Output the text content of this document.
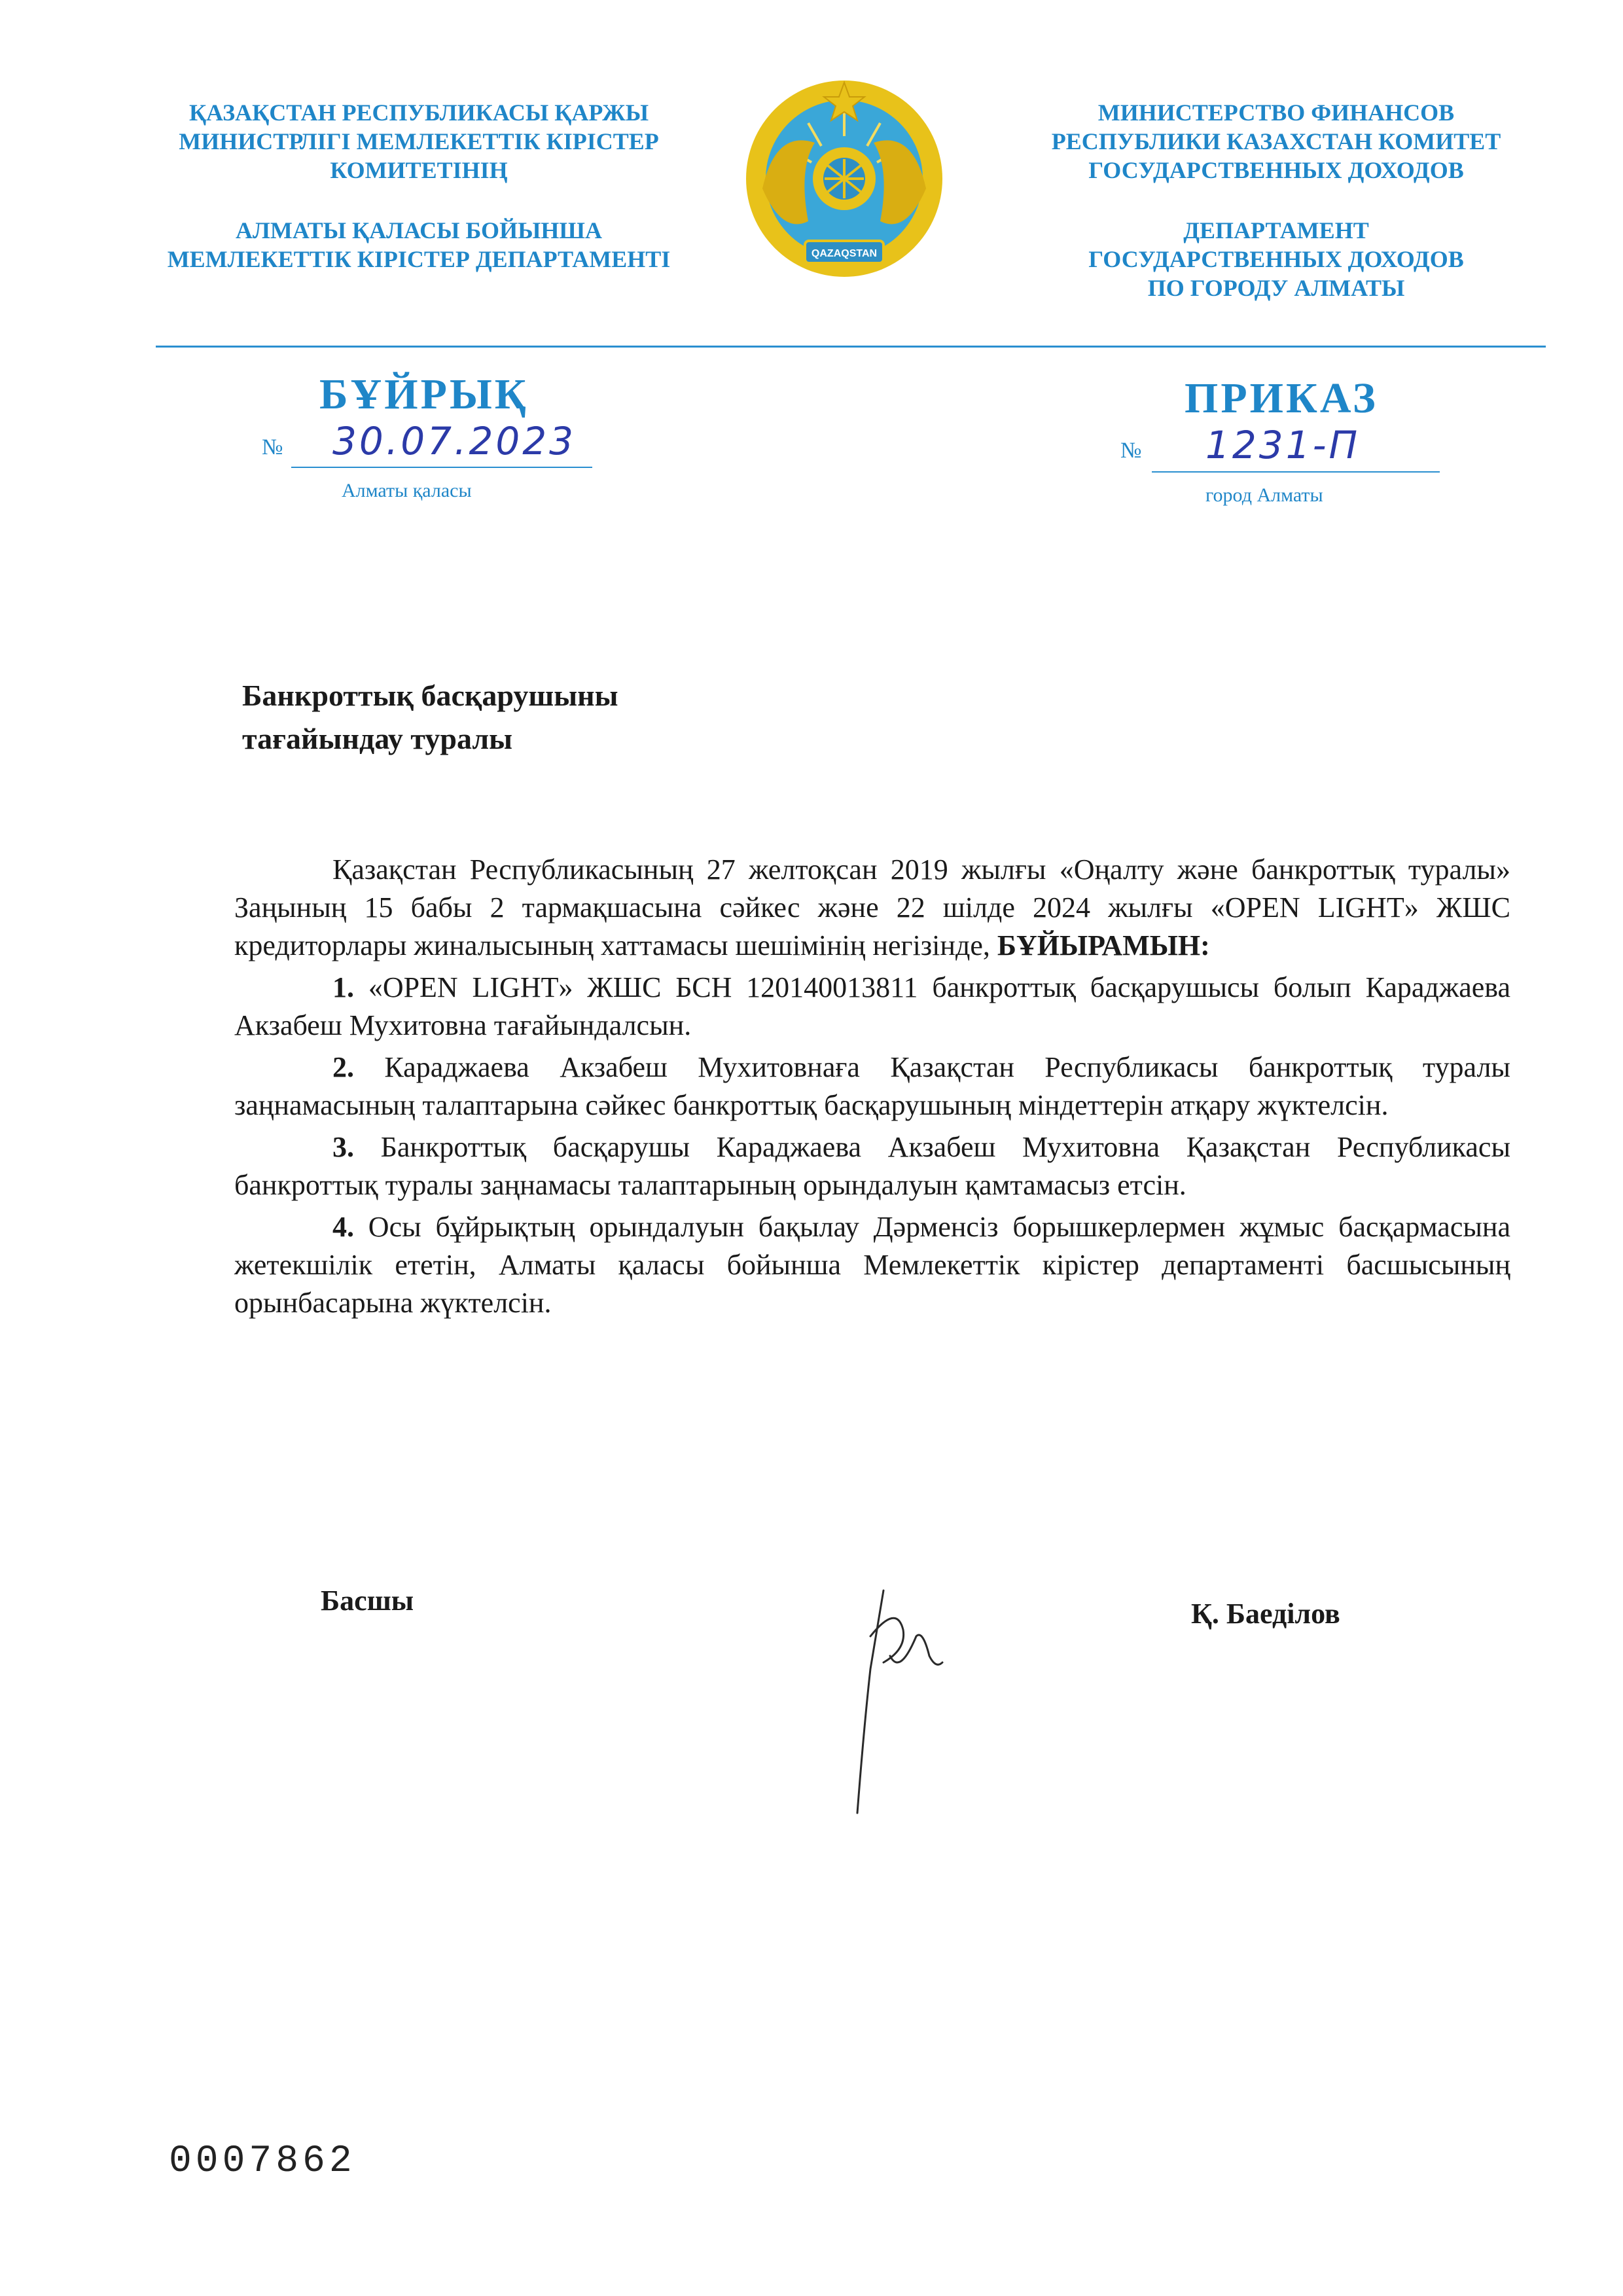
ҚАЗАҚСТАН РЕСПУБЛИКАСЫ ҚАРЖЫ
МИНИСТРЛІГІ МЕМЛЕКЕТТІК КІРІСТЕР
КОМИТЕТІНІҢ
АЛМАТЫ ҚАЛАСЫ БОЙЫНША
МЕМЛЕКЕТТІК КІРІСТЕР ДЕПАРТАМЕНТІ	QAZAQSTAN
МИНИСТЕРСТВО ФИНАНСОВ
РЕСПУБЛИКИ КАЗАХСТАН КОМИТЕТ
ГОСУДАРСТВЕННЫХ ДОХОДОВ
ДЕПАРТАМЕНТ
ГОСУДАРСТВЕННЫХ ДОХОДОВ
ПО ГОРОДУ АЛМАТЫ
БҰЙРЫҚ	ПРИКАЗ
№ 30.07.2023
Алматы қаласы
№ 1231-П
город Алматы
Банкроттық басқарушыны
тағайындау туралы

Қазақстан Республикасының 27 желтоқсан 2019 жылғы «Оңалту және банкроттық туралы» Заңының 15 бабы 2 тармақшасына сәйкес және 22 шілде 2024 жылғы «OPEN LIGHT» ЖШС кредиторлары жиналысының хаттамасы шешімінің негізінде, БҰЙЫРАМЫН:

1. «OPEN LIGHT» ЖШС БСН 120140013811 банкроттық басқарушысы болып Караджаева Акзабеш Мухитовна тағайындалсын.

2. Караджаева Акзабеш Мухитовнаға Қазақстан Республикасы банкроттық туралы заңнамасының талаптарына сәйкес банкроттық басқарушының міндеттерін атқару жүктелсін.

3. Банкроттық басқарушы Караджаева Акзабеш Мухитовна Қазақстан Республикасы банкроттық туралы заңнамасы талаптарының орындалуын қамтамасыз етсін.

4. Осы бұйрықтың орындалуын бақылау Дәрменсіз борышкерлермен жұмыс басқармасына жетекшілік ететін, Алматы қаласы бойынша Мемлекеттік кірістер департаменті басшысының орынбасарына жүктелсін.

Басшы	Қ. Баеділов
0007862
